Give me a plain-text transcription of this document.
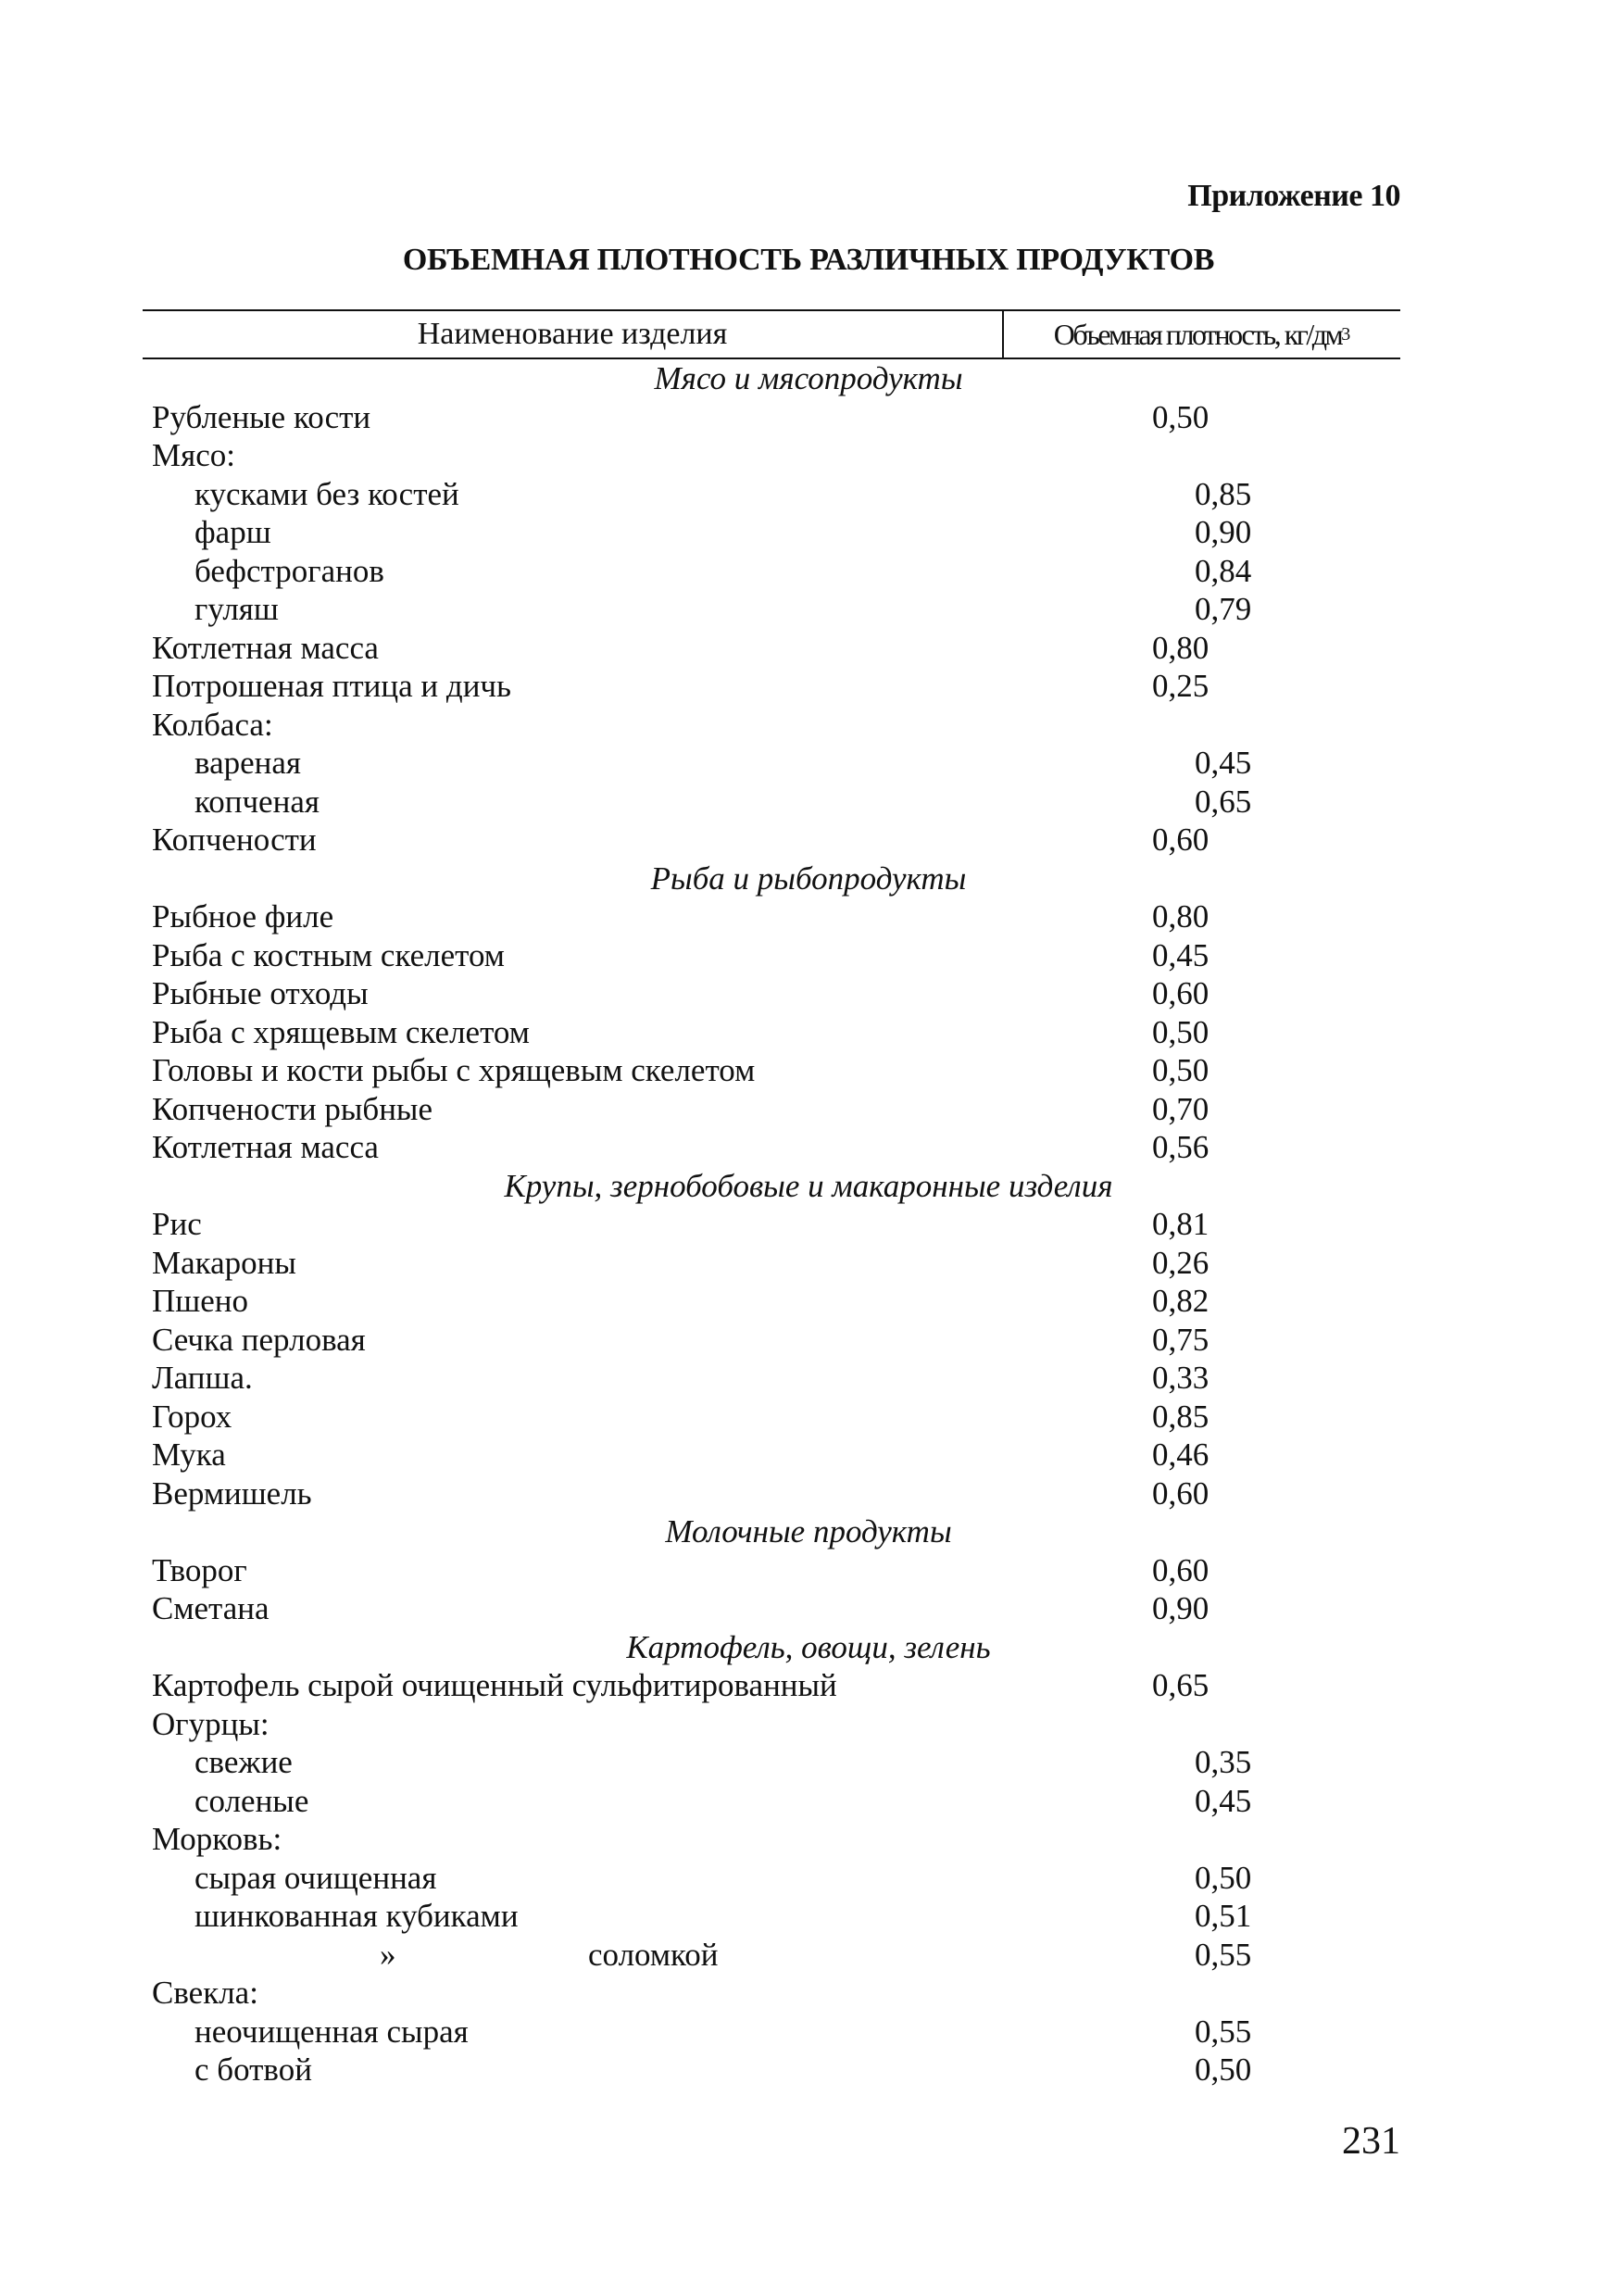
Приложение 10
ОБЪЕМНАЯ ПЛОТНОСТЬ РАЗЛИЧНЫХ ПРОДУКТОВ
Наименование изделия	Объемная плотность, кг/дм 3
Мясо и мясопродукты
Рубленые кости	0,50
Мясо:
кусками без костей	0,85
фарш	0,90
бефстроганов	0,84
гуляш	0,79
Котлетная масса	0,80
Потрошеная птица и дичь	0,25
Колбаса:
вареная	0,45
копченая	0,65
Копчености	0,60
Рыба и рыбопродукты
Рыбное филе	0,80
Рыба с костным скелетом	0,45
Рыбные отходы	0,60
Рыба с хрящевым скелетом	0,50
Головы и кости рыбы с хрящевым скелетом	0,50
Копчености рыбные	0,70
Котлетная масса	0,56
Крупы, зернобобовые и макаронные изделия
Рис	0,81
Макароны	0,26
Пшено	0,82
Сечка перловая	0,75
Лапша.	0,33
Горох	0,85
Мука	0,46
Вермишель	0,60
Молочные продукты
Творог	0,60
Сметана	0,90
Картофель, овощи, зелень
Картофель сырой очищенный сульфитированный	0,65
Огурцы:
свежие	0,35
соленые	0,45
Морковь:
сырая очищенная	0,50
шинкованная кубиками	0,51
»	соломкой	0,55
Свекла:
неочищенная сырая	0,55
с ботвой	0,50
231
